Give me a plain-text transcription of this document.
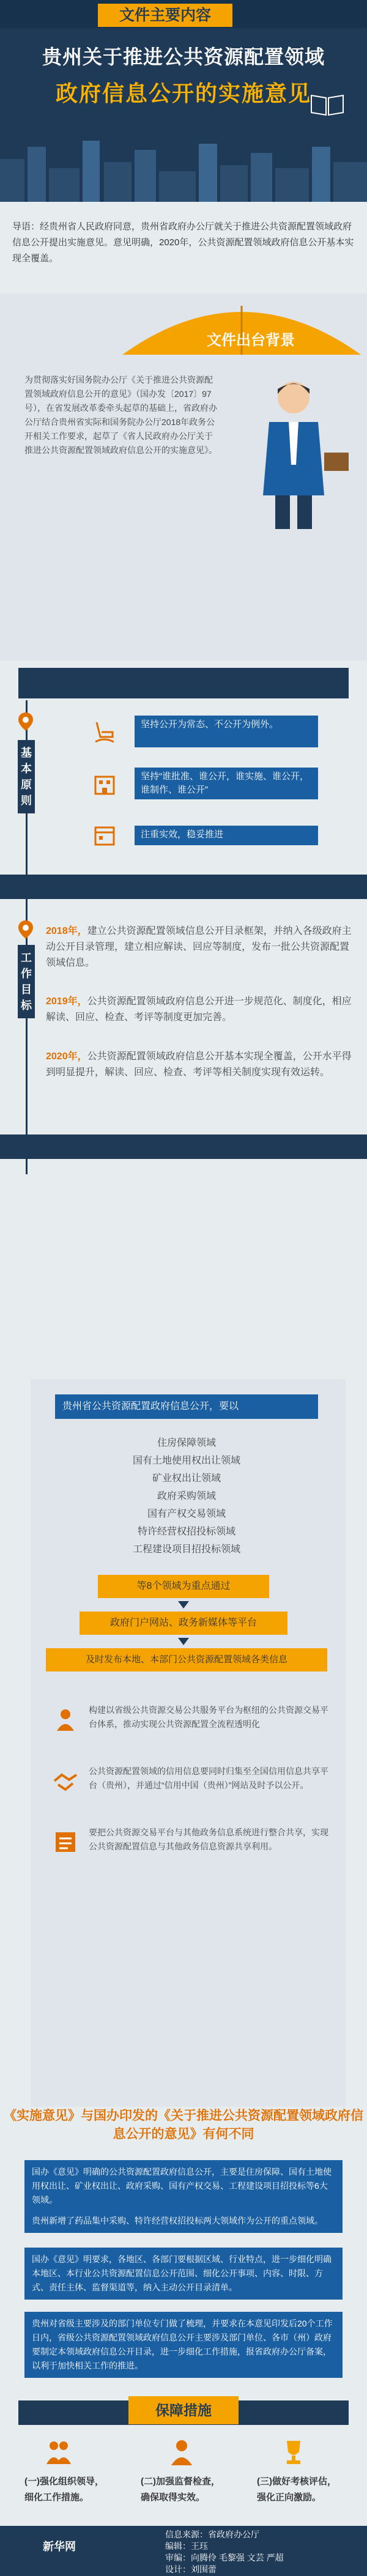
贵州关于推进公共资源配置领域
政府信息公开的实施意见
导语：经贵州省人民政府同意，贵州省政府办公厅就关于推进公共资源配置领域政府信息公开提出实施意见。意见明确，2020年，公共资源配置领域政府信息公开基本实现全覆盖。
文件出台背景
为贯彻落实好国务院办公厅《关于推进公共资源配置领域政府信息公开的意见》（国办发〔2017〕97号），在省发展改革委牵头起草的基础上，省政府办公厅结合贵州省实际和国务院办公厅2018年政务公开相关工作要求，起草了《省人民政府办公厅关于推进公共资源配置领域政府信息公开的实施意见》。
文件主要内容
基本原则
坚持公开为常态、不公开为例外。
坚持“谁批准、谁公开，谁实施、谁公开，谁制作、谁公开”
注重实效，稳妥推进
工作目标
2018年，建立公共资源配置领域信息公开目录框架，并纳入各级政府主动公开目录管理，建立相应解读、回应等制度，发布一批公共资源配置领域信息。
2019年，公共资源配置领域政府信息公开进一步规范化、制度化，相应解读、回应、检查、考评等制度更加完善。
2020年，公共资源配置领域政府信息公开基本实现全覆盖，公开水平得到明显提升，解读、回应、检查、考评等相关制度实现有效运转。
贵州省公共资源配置政府信息公开，要以
住房保障领域
国有土地使用权出让领域
矿业权出让领域
政府采购领域
国有产权交易领域
特许经营权招投标领域
工程建设项目招投标领域
等8个领域为重点通过
政府门户网站、政务新媒体等平台
及时发布本地、本部门公共资源配置领域各类信息
构建以省级公共资源交易公共服务平台为枢纽的公共资源交易平台体系，推动实现公共资源配置全流程透明化
公共资源配置领域的信用信息要同时归集至全国信用信息共享平台（贵州），并通过“信用中国（贵州）”网站及时予以公开。
要把公共资源交易平台与其他政务信息系统进行整合共享，实现公共资源配置信息与其他政务信息资源共享利用。
《实施意见》与国办印发的《关于推进公共资源配置领域政府信息公开的意见》有何不同
国办《意见》明确的公共资源配置政府信息公开，主要是住房保障、国有土地使用权出让、矿业权出让、政府采购、国有产权交易、工程建设项目招投标等6大领域。
贵州新增了药品集中采购、特许经营权招投标两大领域作为公开的重点领域。
国办《意见》明要求，各地区、各部门要根据区域、行业特点，进一步细化明确本地区、本行业公共资源配置信息公开范围、细化公开事项、内容、时限、方式、责任主体、监督渠道等，纳入主动公开目录清单。
贵州对省级主要涉及的部门单位专门做了梳理，并要求在本意见印发后20个工作日内，省级公共资源配置领域政府信息公开主要涉及部门单位、各市（州）政府要制定本领域政府信息公开目录，进一步细化工作措施，报省政府办公厅备案，以利于加快相关工作的推进。
保障措施
(一)强化组织领导，细化工作措施。
(二)加强监督检查，确保取得实效。
(三)做好考核评估，强化正向激励。
新华网
信息来源：省政府办公厅
编辑：王珏
审编：向腾伶 毛黎强 文芸 严超
设计：刘围蕾
